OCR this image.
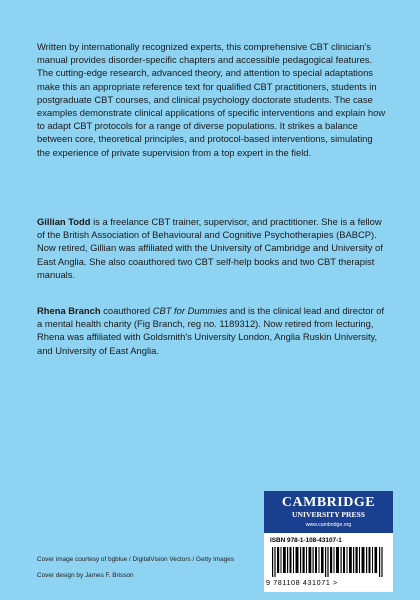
Written by internationally recognized experts, this comprehensive CBT clinician's manual provides disorder-specific chapters and accessible pedagogical features. The cutting-edge research, advanced theory, and attention to special adaptations make this an appropriate reference text for qualified CBT practitioners, students in postgraduate CBT courses, and clinical psychology doctorate students. The case examples demonstrate clinical applications of specific interventions and explain how to adapt CBT protocols for a range of diverse populations. It strikes a balance between core, theoretical principles, and protocol-based interventions, simulating the experience of private supervision from a top expert in the field.

Gillian Todd is a freelance CBT trainer, supervisor, and practitioner. She is a fellow of the British Association of Behavioural and Cognitive Psychotherapies (BABCP). Now retired, Gillian was affiliated with the University of Cambridge and University of East Anglia. She also coauthored two CBT self-help books and two CBT therapist manuals.

Rhena Branch coauthored CBT for Dummies and is the clinical lead and director of a mental health charity (Fig Branch, reg no. 1189312). Now retired from lecturing, Rhena was affiliated with Goldsmith's University London, Anglia Ruskin University, and University of East Anglia.

Cover image courtesy of bgblue / DigitalVision Vectors / Getty Images
Cover design by James F. Brisson
CAMBRIDGE
UNIVERSITY PRESS
www.cambridge.org
ISBN 978-1-108-43107-1
9 781108 431071 >
